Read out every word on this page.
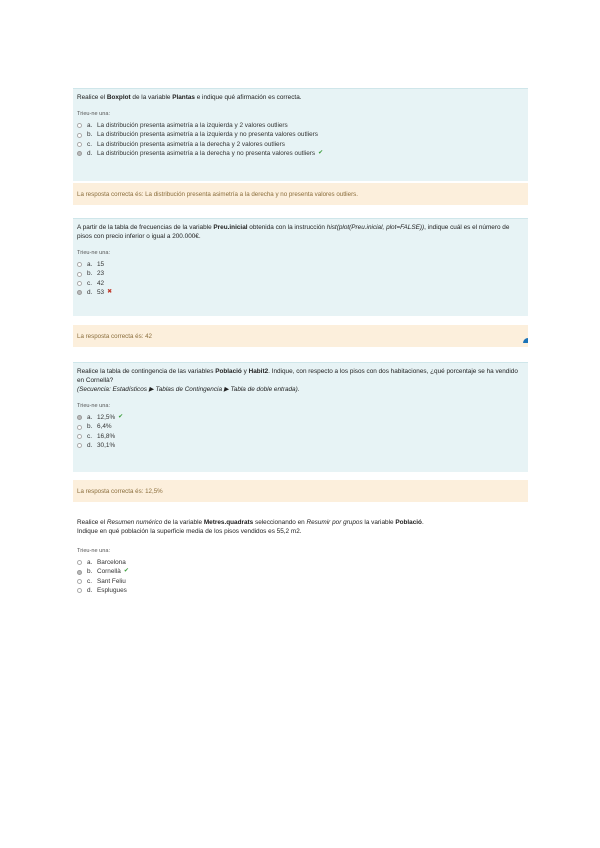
Realice el Boxplot de la variable Plantas e indique qué afirmación es correcta.
Trieu-ne una:
a. La distribución presenta asimetría a la izquierda y 2 valores outliers
b. La distribución presenta asimetría a la izquierda y no presenta valores outliers
c. La distribución presenta asimetría a la derecha y 2 valores outliers
d. La distribución presenta asimetría a la derecha y no presenta valores outliers ✔
La resposta correcta és: La distribución presenta asimetría a la derecha y no presenta valores outliers.
A partir de la tabla de frecuencias de la variable Preu.inicial obtenida con la instrucción hist(plot(Preu.inicial, plot=FALSE)), indique cuál es el número de pisos con precio inferior o igual a 200.000€.
Trieu-ne una:
a. 15
b. 23
c. 42
d. 53 ✖
La resposta correcta és: 42
Realice la tabla de contingencia de las variables Població y Habit2. Indique, con respecto a los pisos con dos habitaciones, ¿qué porcentaje se ha vendido en Cornellà?
(Secuencia: Estadísticos ▶ Tablas de Contingencia ▶ Tabla de doble entrada).
Trieu-ne una:
a. 12,5% ✔
b. 6,4%
c. 16,8%
d. 30,1%
La resposta correcta és: 12,5%
Realice el Resumen numérico de la variable Metres.quadrats seleccionando en Resumir por grupos la variable Població.
Indique en qué población la superficie media de los pisos vendidos es 55,2 m2.
Trieu-ne una:
a. Barcelona
b. Cornellà ✔
c. Sant Feliu
d. Esplugues
